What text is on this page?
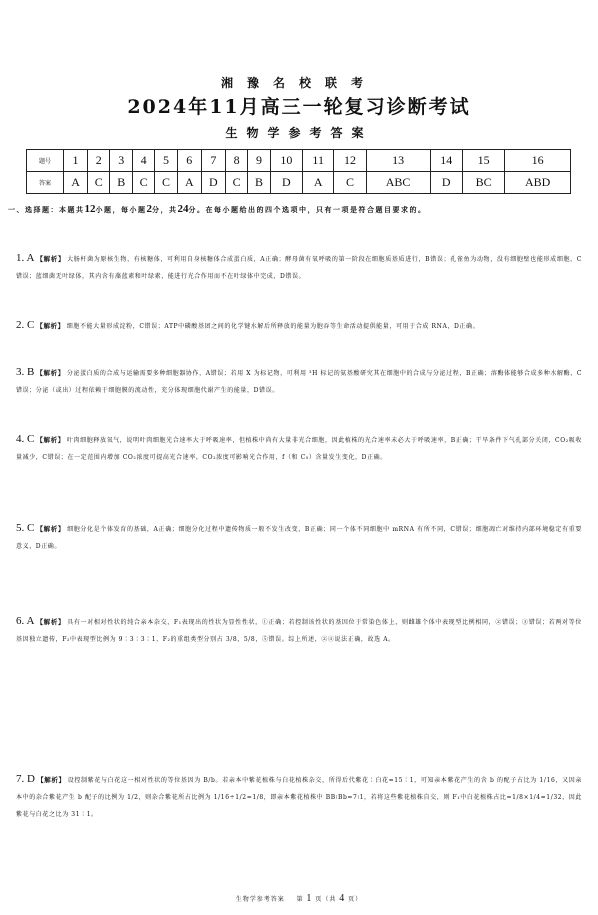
湘豫名校联考
2024年11月高三一轮复习诊断考试
生物学参考答案
题号	1	2	3	4	5	6	7	8	9	10	11	12	13	14	15	16
答案	A	C	B	C	C	A	D	C	B	D	A	C	ABC	D	BC	ABD
一、选择题：本题共12小题，每小题2分，共24分。在每小题给出的四个选项中，只有一项是符合题目要求的。
1. A 【解析】 大肠杆菌为原核生物，有核糖体，可利用自身核糖体合成蛋白质，A正确；酵母菌有氧呼吸的第一阶段在细胞质基质进行，B错误；孔雀鱼为动物，没有细胞壁也能形成细胞，C错误；蓝细菌无叶绿体，其内含有藻蓝素和叶绿素，能进行光合作用而不在叶绿体中完成，D错误。
2. C 【解析】 细胞不能大量形成淀粉，C错误；ATP中磷酸基团之间的化学键水解后所释放的能量为胞吞等生命活动提供能量，可用于合成 RNA，D正确。
3. B 【解析】 分泌蛋白质的合成与运输需要多种细胞器协作，A错误；若用 X 为标记物，可利用 ³H 标记的氨基酸研究其在细胞中的合成与分泌过程，B正确；溶酶体能够合成多种水解酶，C错误；分泌（或出）过程依赖于细胞膜的流动性，充分体现细胞代谢产生的能量，D错误。
4. C 【解析】 叶肉细胞释放氧气，说明叶肉细胞光合速率大于呼吸速率，但植株中尚有大量非光合细胞，因此植株的光合速率未必大于呼吸速率，B正确；干旱条件下气孔部分关闭，CO₂吸收量减少，C错误；在一定范围内增加 CO₂浓度可提高光合速率，CO₂浓度可影响光合作用，f（和 C₅）含量发生变化，D正确。
5. C 【解析】 细胞分化是个体发育的基础，A正确；细胞分化过程中遗传物质一般不发生改变，B正确；同一个体不同细胞中 mRNA 有所不同，C错误；细胞凋亡对维持内部环境稳定有重要意义，D正确。
6. A 【解析】 具有一对相对性状的纯合亲本杂交，F₁表现出的性状为显性性状，①正确；若控制该性状的基因位于常染色体上，则雌雄个体中表现型比例相同，②错误；③错误；若两对等位基因独立遗传，F₂中表现型比例为 9∶3∶3∶1，F₂的重组类型分别占 3/8，5/8，⑤错误。综上所述，②④说法正确，故选 A。
7. D 【解析】 设控制紫花与白花这一相对性状的等位基因为 B/b。若亲本中紫花植株与白花植株杂交，所得后代紫花∶白花=15∶1，可知亲本紫花产生的含 b 的配子占比为 1/16，又因亲本中的杂合紫花产生 b 配子的比例为 1/2，则杂合紫花所占比例为 1/16÷1/2=1/8，即亲本紫花植株中 BB∶Bb=7∶1，若将这些紫花植株自交，则 F₁中白花植株占比=1/8×1/4=1/32，因此紫花与白花之比为 31∶1。
生物学参考答案 第 1 页（共 4 页）
